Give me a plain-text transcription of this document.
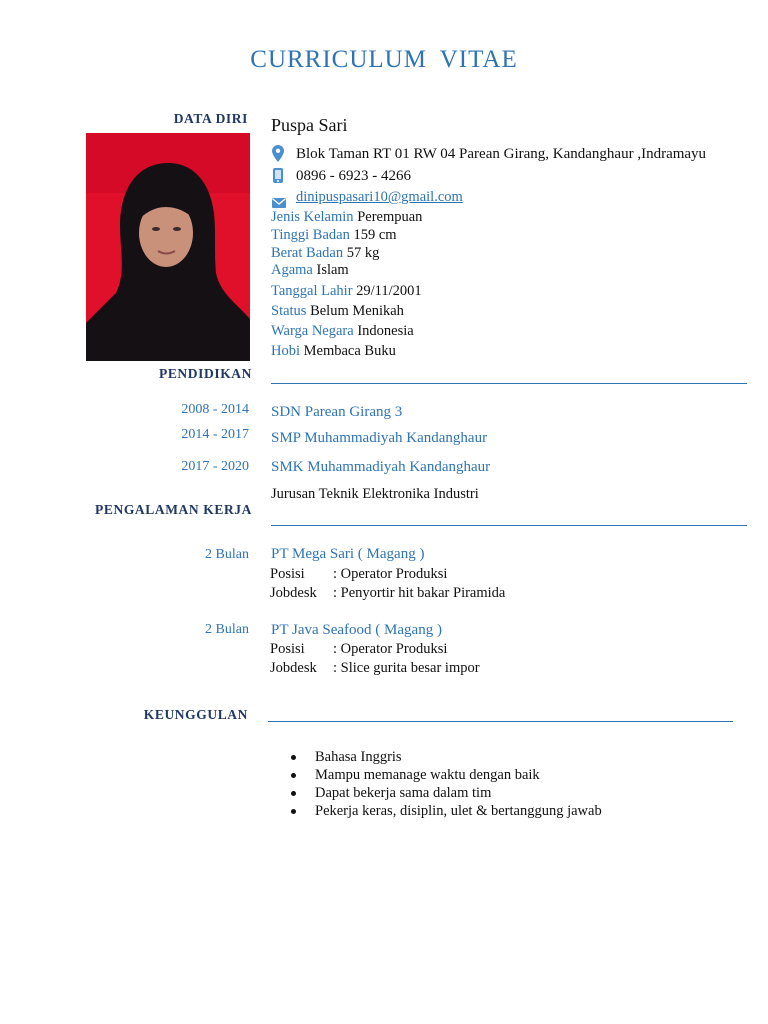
CURRICULUM VITAE
DATA DIRI Puspa Sari
Blok Taman RT 01 RW 04 Parean Girang, Kandanghaur ,Indramayu
0896 - 6923 - 4266
dinipuspasari10@gmail.com
Jenis Kelamin Perempuan
Tinggi Badan 159 cm
Berat Badan 57 kg
Agama Islam
Tanggal Lahir 29/11/2001
Status Belum Menikah
Warga Negara Indonesia
Hobi Membaca Buku
PENDIDIKAN
2008 - 2014 SDN Parean Girang 3
2014 - 2017 SMP Muhammadiyah Kandanghaur
2017 - 2020 SMK Muhammadiyah Kandanghaur
Jurusan Teknik Elektronika Industri
PENGALAMAN KERJA
2 Bulan PT Mega Sari ( Magang )
Posisi : Operator Produksi
Jobdesk : Penyortir hit bakar Piramida
2 Bulan PT Java Seafood ( Magang )
Posisi : Operator Produksi
Jobdesk : Slice gurita besar impor
KEUNGGULAN
Bahasa Inggris
Mampu memanage waktu dengan baik
Dapat bekerja sama dalam tim
Pekerja keras, disiplin, ulet & bertanggung jawab
